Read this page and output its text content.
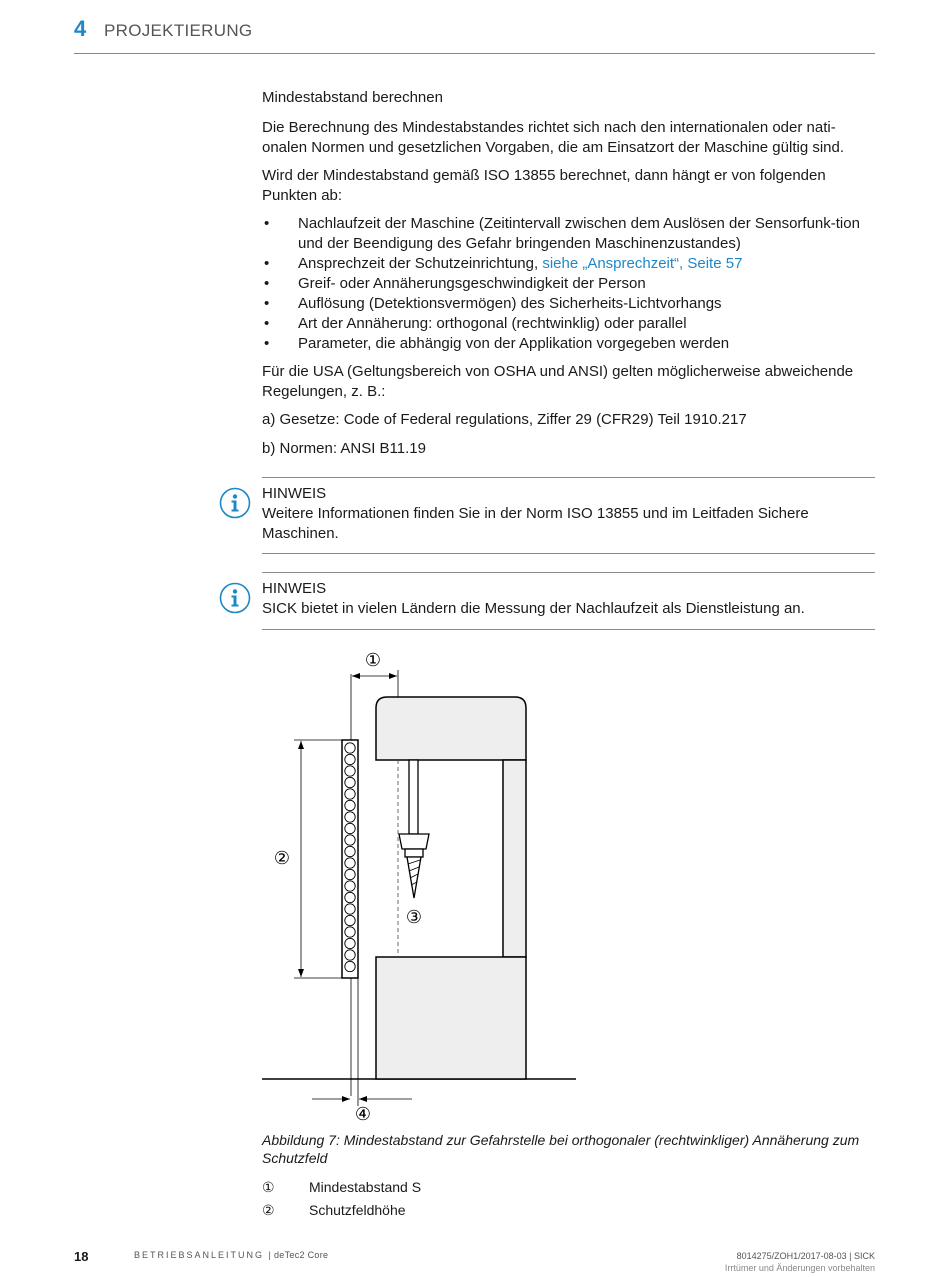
4 PROJEKTIERUNG
Mindestabstand berechnen
Die Berechnung des Mindestabstandes richtet sich nach den internationalen oder nati-onalen Normen und gesetzlichen Vorgaben, die am Einsatzort der Maschine gültig sind.
Wird der Mindestabstand gemäß ISO 13855 berechnet, dann hängt er von folgenden Punkten ab:
• Nachlaufzeit der Maschine (Zeitintervall zwischen dem Auslösen der Sensorfunk-tion und der Beendigung des Gefahr bringenden Maschinenzustandes)
• Ansprechzeit der Schutzeinrichtung, siehe „Ansprechzeit“, Seite 57
• Greif- oder Annäherungsgeschwindigkeit der Person
• Auflösung (Detektionsvermögen) des Sicherheits-Lichtvorhangs
• Art der Annäherung: orthogonal (rechtwinklig) oder parallel
• Parameter, die abhängig von der Applikation vorgegeben werden
Für die USA (Geltungsbereich von OSHA und ANSI) gelten möglicherweise abweichende Regelungen, z. B.:
a) Gesetze: Code of Federal regulations, Ziffer 29 (CFR29) Teil 1910.217
b) Normen: ANSI B11.19
HINWEIS
Weitere Informationen finden Sie in der Norm ISO 13855 und im Leitfaden Sichere Maschinen.
HINWEIS
SICK bietet in vielen Ländern die Messung der Nachlaufzeit als Dienstleistung an.
①
③
②
④
Abbildung 7: Mindestabstand zur Gefahrstelle bei orthogonaler (rechtwinkliger) Annäherung zum Schutzfeld
① Mindestabstand S
② Schutzfeldhöhe
18	BETRIEBSANLEITUNG | deTec2 Core	8014275/ZOH1/2017-08-03 | SICK
Irrtümer und Änderungen vorbehalten
